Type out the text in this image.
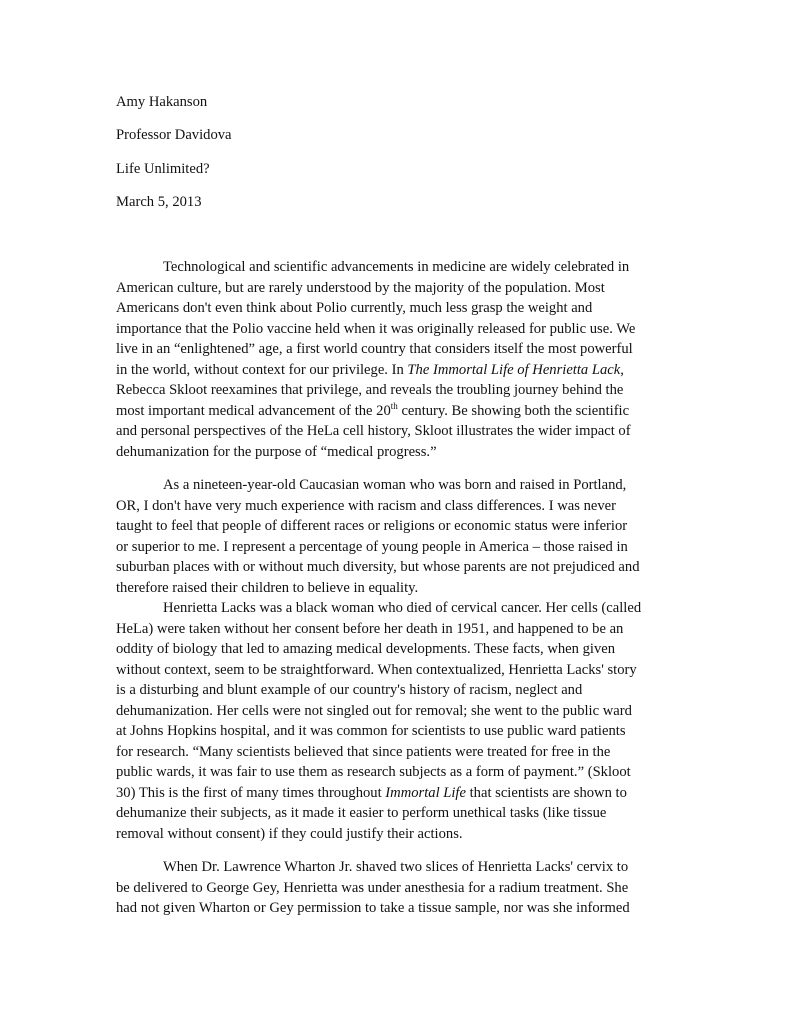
Amy Hakanson
Professor Davidova
Life Unlimited?
March 5, 2013
Technological and scientific advancements in medicine are widely celebrated in
American culture, but are rarely understood by the majority of the population. Most
Americans don't even think about Polio currently, much less grasp the weight and
importance that the Polio vaccine held when it was originally released for public use. We
live in an “enlightened” age, a first world country that considers itself the most powerful
in the world, without context for our privilege. In The Immortal Life of Henrietta Lack,
Rebecca Skloot reexamines that privilege, and reveals the troubling journey behind the
most important medical advancement of the 20th century. Be showing both the scientific
and personal perspectives of the HeLa cell history, Skloot illustrates the wider impact of
dehumanization for the purpose of “medical progress.”
As a nineteen-year-old Caucasian woman who was born and raised in Portland,
OR, I don't have very much experience with racism and class differences. I was never
taught to feel that people of different races or religions or economic status were inferior
or superior to me. I represent a percentage of young people in America – those raised in
suburban places with or without much diversity, but whose parents are not prejudiced and
therefore raised their children to believe in equality.
Henrietta Lacks was a black woman who died of cervical cancer. Her cells (called
HeLa) were taken without her consent before her death in 1951, and happened to be an
oddity of biology that led to amazing medical developments. These facts, when given
without context, seem to be straightforward. When contextualized, Henrietta Lacks' story
is a disturbing and blunt example of our country's history of racism, neglect and
dehumanization. Her cells were not singled out for removal; she went to the public ward
at Johns Hopkins hospital, and it was common for scientists to use public ward patients
for research. “Many scientists believed that since patients were treated for free in the
public wards, it was fair to use them as research subjects as a form of payment.” (Skloot
30) This is the first of many times throughout Immortal Life that scientists are shown to
dehumanize their subjects, as it made it easier to perform unethical tasks (like tissue
removal without consent) if they could justify their actions.
When Dr. Lawrence Wharton Jr. shaved two slices of Henrietta Lacks' cervix to
be delivered to George Gey, Henrietta was under anesthesia for a radium treatment. She
had not given Wharton or Gey permission to take a tissue sample, nor was she informed
